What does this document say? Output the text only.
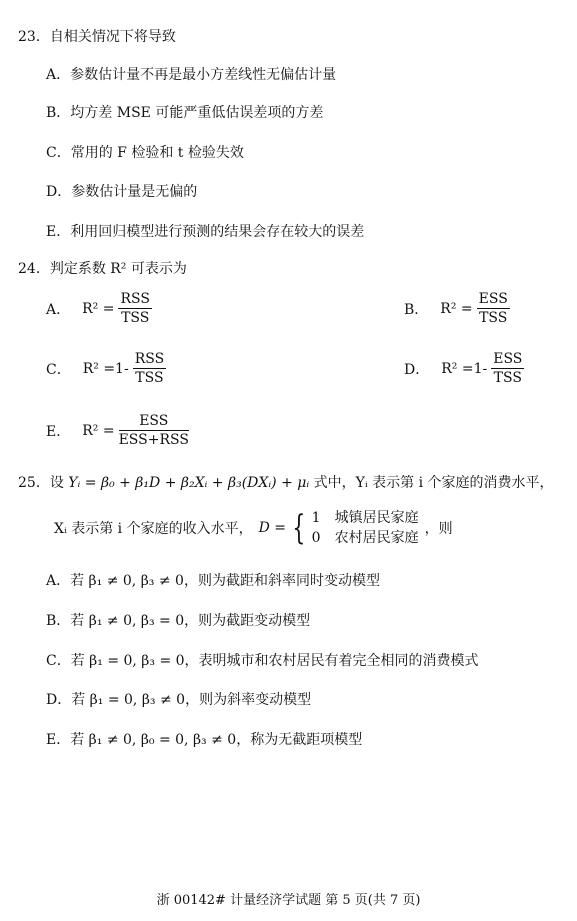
23．自相关情况下将导致
A．参数估计量不再是最小方差线性无偏估计量
B．均方差 MSE 可能严重低估误差项的方差
C．常用的 F 检验和 t 检验失效
D．参数估计量是无偏的
E．利用回归模型进行预测的结果会存在较大的误差
24．判定系数 R² 可表示为
A． $R^2 = \frac{\text{RSS}}{\text{TSS}}$	B． $R^2 = \frac{\text{ESS}}{\text{TSS}}$
C． $R^2 =1- \frac{\text{RSS}}{\text{TSS}}$	D． $R^2 =1- \frac{\text{ESS}}{\text{TSS}}$
E． $R^2 = \frac{\text{ESS}}{\text{ESS+RSS}}$
25．设 Yᵢ = β₀ + β₁D + β₂Xᵢ + β₃(DXᵢ) + μᵢ 式中，Yᵢ 表示第 i 个家庭的消费水平，
Xᵢ 表示第 i 个家庭的收入水平， D = { 1　城镇居民家庭
0　农村居民家庭
，则
A．若 β₁ ≠ 0, β₃ ≠ 0，则为截距和斜率同时变动模型
B．若 β₁ ≠ 0, β₃ = 0，则为截距变动模型
C．若 β₁ = 0, β₃ = 0，表明城市和农村居民有着完全相同的消费模式
D．若 β₁ = 0, β₃ ≠ 0，则为斜率变动模型
E．若 β₁ ≠ 0, β₀ = 0, β₃ ≠ 0，称为无截距项模型
浙 00142# 计量经济学试题 第 5 页(共 7 页)
